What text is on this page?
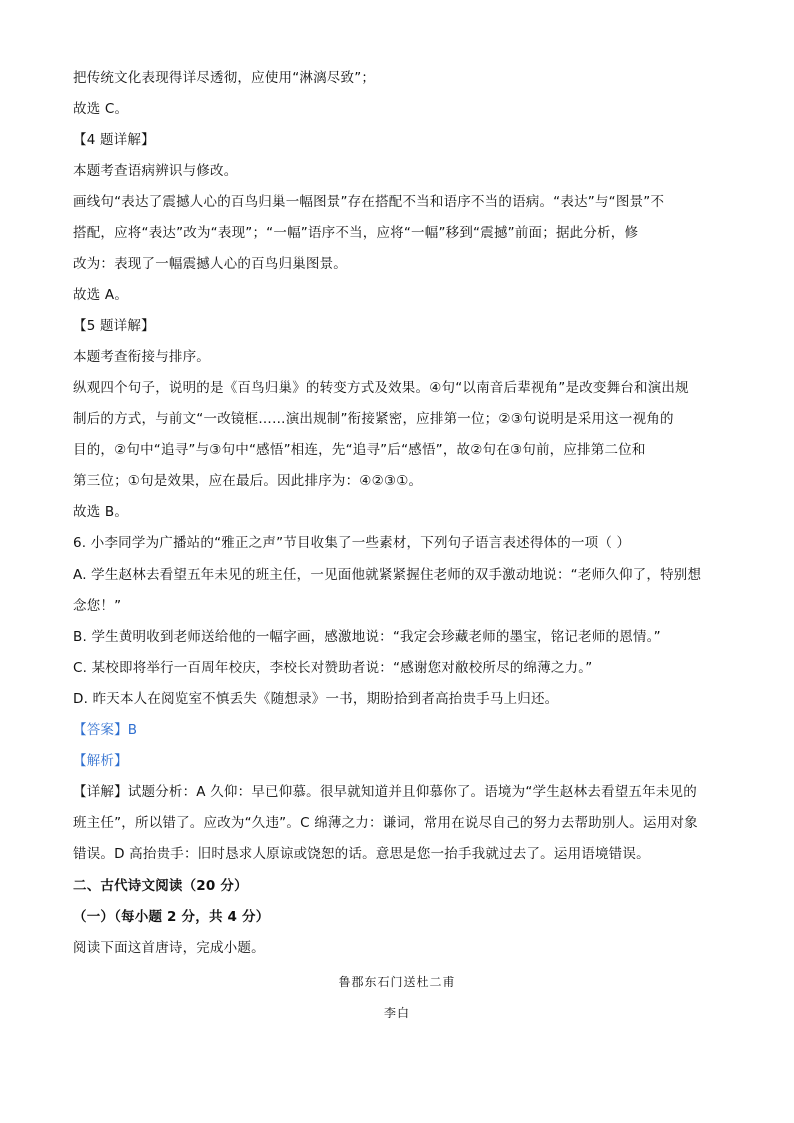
把传统文化表现得详尽透彻，应使用“淋漓尽致”；
故选 C。
【4 题详解】
本题考查语病辨识与修改。
画线句“表达了震撼人心的百鸟归巢一幅图景”存在搭配不当和语序不当的语病。“表达”与“图景”不
搭配，应将“表达”改为“表现”；“一幅”语序不当，应将“一幅”移到“震撼”前面；据此分析，修
改为：表现了一幅震撼人心的百鸟归巢图景。
故选 A。
【5 题详解】
本题考查衔接与排序。
纵观四个句子，说明的是《百鸟归巢》的转变方式及效果。④句“以南音后辈视角”是改变舞台和演出规
制后的方式，与前文“一改镜框……演出规制”衔接紧密，应排第一位；②③句说明是采用这一视角的
目的，②句中“追寻”与③句中“感悟”相连，先“追寻”后“感悟”，故②句在③句前，应排第二位和
第三位；①句是效果，应在最后。因此排序为：④②③①。
故选 B。
6. 小李同学为广播站的“雅正之声”节目收集了一些素材，下列句子语言表述得体的一项（ ）
A. 学生赵林去看望五年未见的班主任，一见面他就紧紧握住老师的双手激动地说：“老师久仰了，特别想
念您！”
B. 学生黄明收到老师送给他的一幅字画，感激地说：“我定会珍藏老师的墨宝，铭记老师的恩情。”
C. 某校即将举行一百周年校庆，李校长对赞助者说：“感谢您对敝校所尽的绵薄之力。”
D. 昨天本人在阅览室不慎丢失《随想录》一书，期盼拾到者高抬贵手马上归还。
【答案】B
【解析】
【详解】试题分析：A 久仰：早已仰慕。很早就知道并且仰慕你了。语境为“学生赵林去看望五年未见的
班主任”，所以错了。应改为“久违”。C 绵薄之力：谦词，常用在说尽自己的努力去帮助别人。运用对象
错误。D 高抬贵手：旧时恳求人原谅或饶恕的话。意思是您一抬手我就过去了。运用语境错误。
二、古代诗文阅读（20 分）
（一）（每小题 2 分，共 4 分）
阅读下面这首唐诗，完成小题。
鲁郡东石门送杜二甫
李白
